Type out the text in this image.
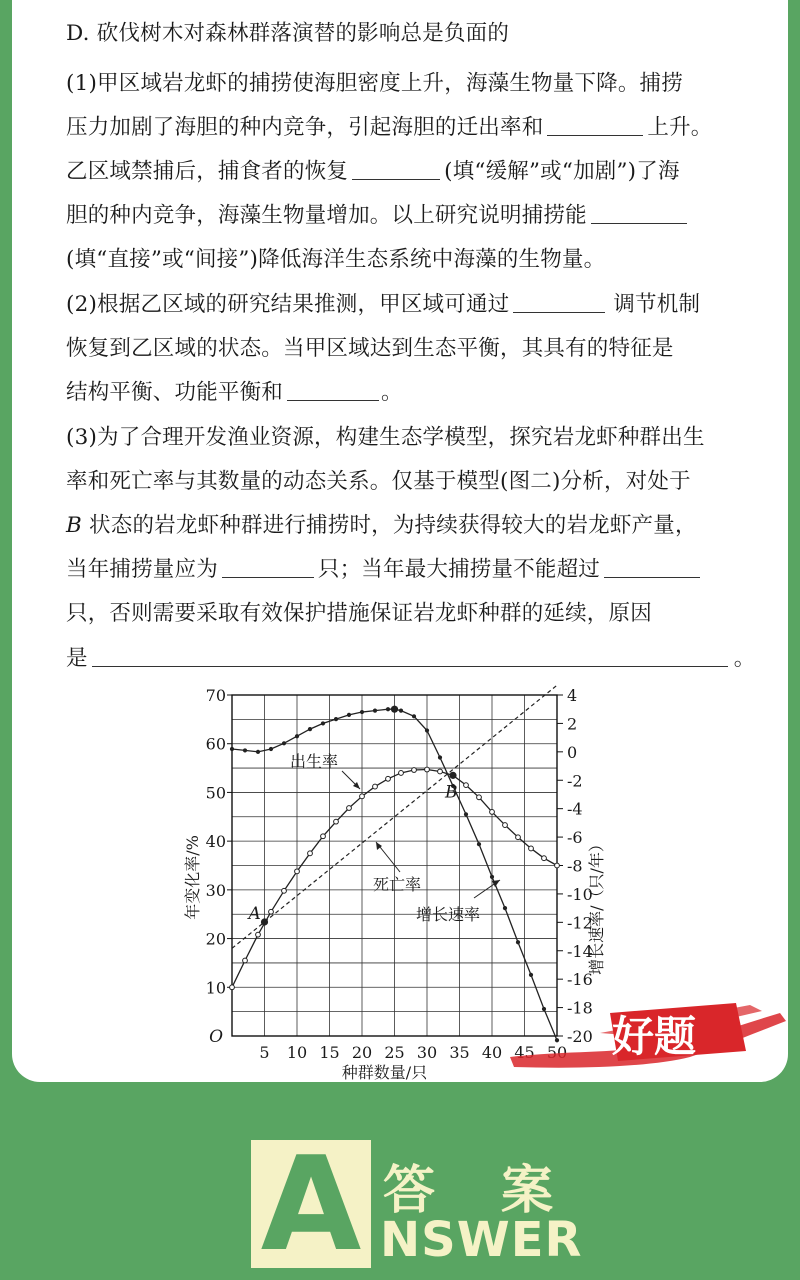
D. 砍伐树木对森林群落演替的影响总是负面的
(1)甲区域岩龙虾的捕捞使海胆密度上升，海藻生物量下降。捕捞
压力加剧了海胆的种内竞争，引起海胆的迁出率和	上升。
乙区域禁捕后，捕食者的恢复	(填“缓解”或“加剧”)了海
胆的种内竞争，海藻生物量增加。以上研究说明捕捞能
(填“直接”或“间接”)降低海洋生态系统中海藻的生物量。
(2)根据乙区域的研究结果推测，甲区域可通过	调节机制
恢复到乙区域的状态。当甲区域达到生态平衡，其具有的特征是
结构平衡、功能平衡和	。
(3)为了合理开发渔业资源，构建生态学模型，探究岩龙虾种群出生
率和死亡率与其数量的动态关系。仅基于模型(图二)分析，对处于
B 状态的岩龙虾种群进行捕捞时，为持续获得较大的岩龙虾产量，
当年捕捞量应为	只；当年最大捕捞量不能超过
只，否则需要采取有效保护措施保证岩龙虾种群的延续，原因
是	。
10
20
30
40
50
60
70
O
4
2
0
-2
-4
-6
-8
-10
-12
-14
-16
-18
-20
5 10 15 20 25 30 35 40 45 50
种群数量/只
年变化率/%	增长速率/（只/年）
A
B
出生率
死亡率
增长速率
好题
A 答 案
NSWER
